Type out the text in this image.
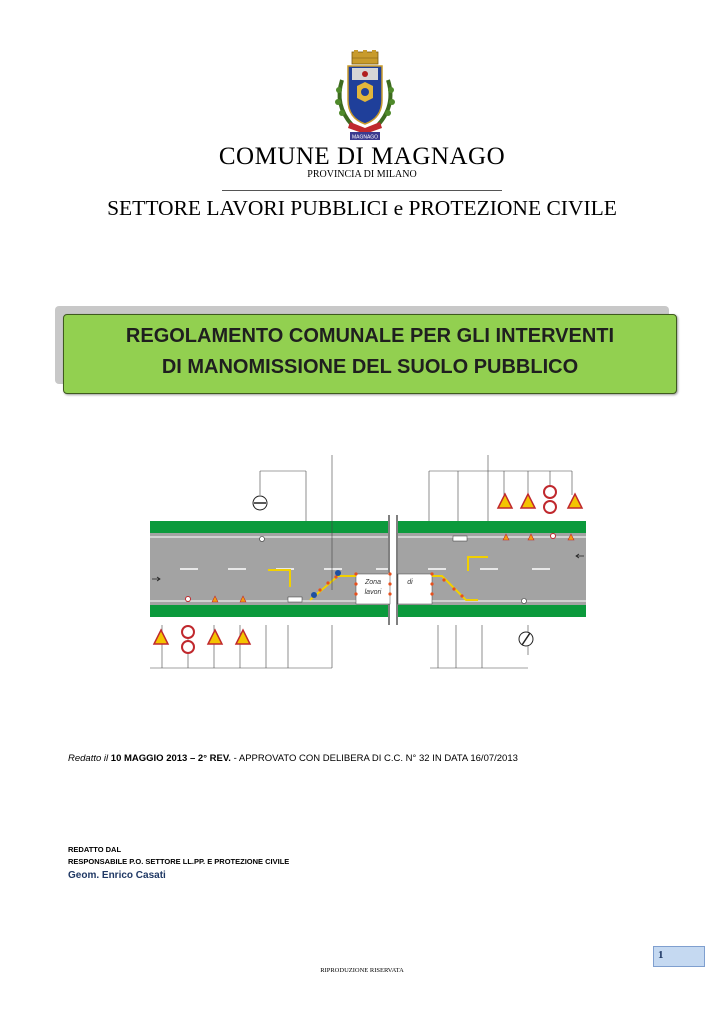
MAGNAGO
COMUNE DI MAGNAGO
PROVINCIA DI MILANO
SETTORE LAVORI PUBBLICI e PROTEZIONE CIVILE
REGOLAMENTO COMUNALE PER GLI INTERVENTI
DI MANOMISSIONE DEL SUOLO PUBBLICO
Zona
lavori
di
Redatto il 10 MAGGIO 2013 – 2° REV. - APPROVATO CON DELIBERA DI C.C. N° 32 IN DATA 16/07/2013
REDATTO DAL
RESPONSABILE P.O. SETTORE LL.PP. E PROTEZIONE CIVILE
Geom. Enrico Casati
1
RIPRODUZIONE RISERVATA
